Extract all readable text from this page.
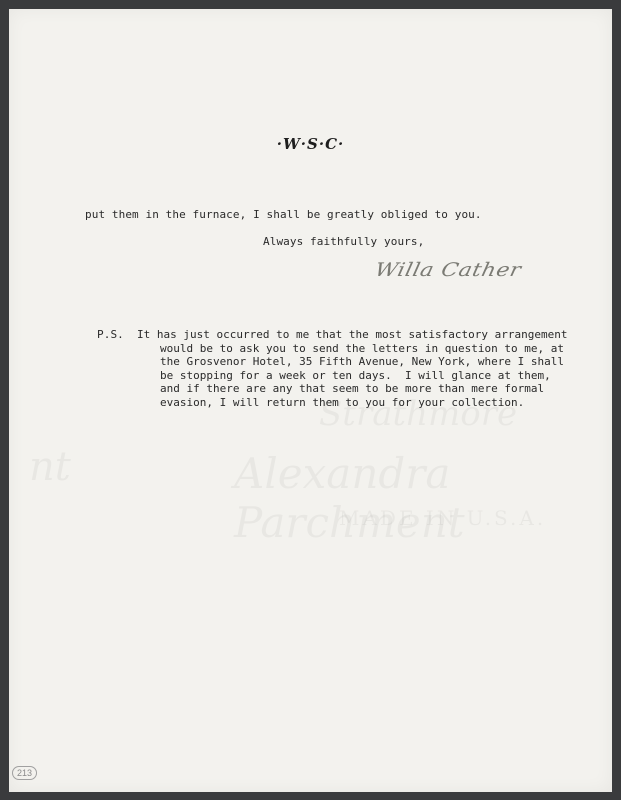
·W·S·C·
put them in the furnace, I shall be greatly obliged to you.
Always faithfully yours,
Willa Cather
P.S. It has just occurred to me that the most satisfactory arrangement
would be to ask you to send the letters in question to me, at
the Grosvenor Hotel, 35 Fifth Avenue, New York, where I shall
be stopping for a week or ten days.  I will glance at them,
and if there are any that seem to be more than mere formal
evasion, I will return them to you for your collection.
213
